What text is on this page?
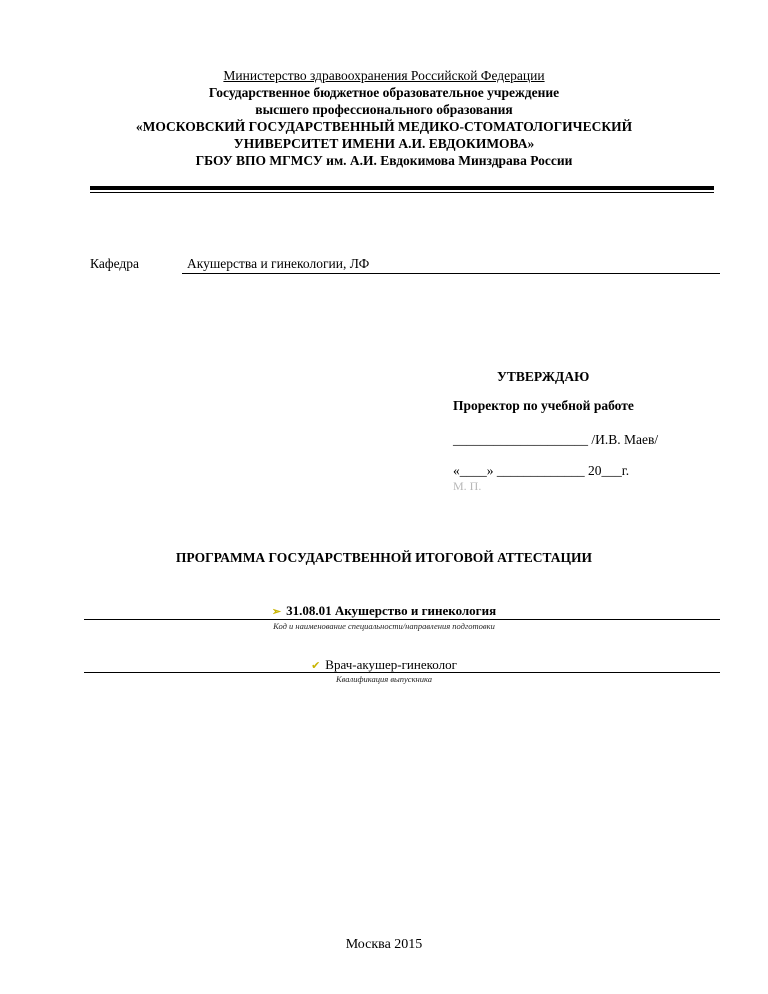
Министерство здравоохранения Российской Федерации
Государственное бюджетное образовательное учреждение
высшего профессионального образования
«МОСКОВСКИЙ ГОСУДАРСТВЕННЫЙ МЕДИКО-СТОМАТОЛОГИЧЕСКИЙ
УНИВЕРСИТЕТ ИМЕНИ А.И. ЕВДОКИМОВА»
ГБОУ ВПО МГМСУ им. А.И. Евдокимова Минздрава России
Кафедра	Акушерства и гинекологии, ЛФ
УТВЕРЖДАЮ
Проректор по учебной работе
____________________ /И.В. Маев/
«____» _____________ 20___г.
М. П.
ПРОГРАММА ГОСУДАРСТВЕННОЙ ИТОГОВОЙ АТТЕСТАЦИИ
➢ 31.08.01 Акушерство и гинекология
Код и наименование специальности/направления подготовки
✔ Врач-акушер-гинеколог
Квалификация выпускника
Москва 2015
